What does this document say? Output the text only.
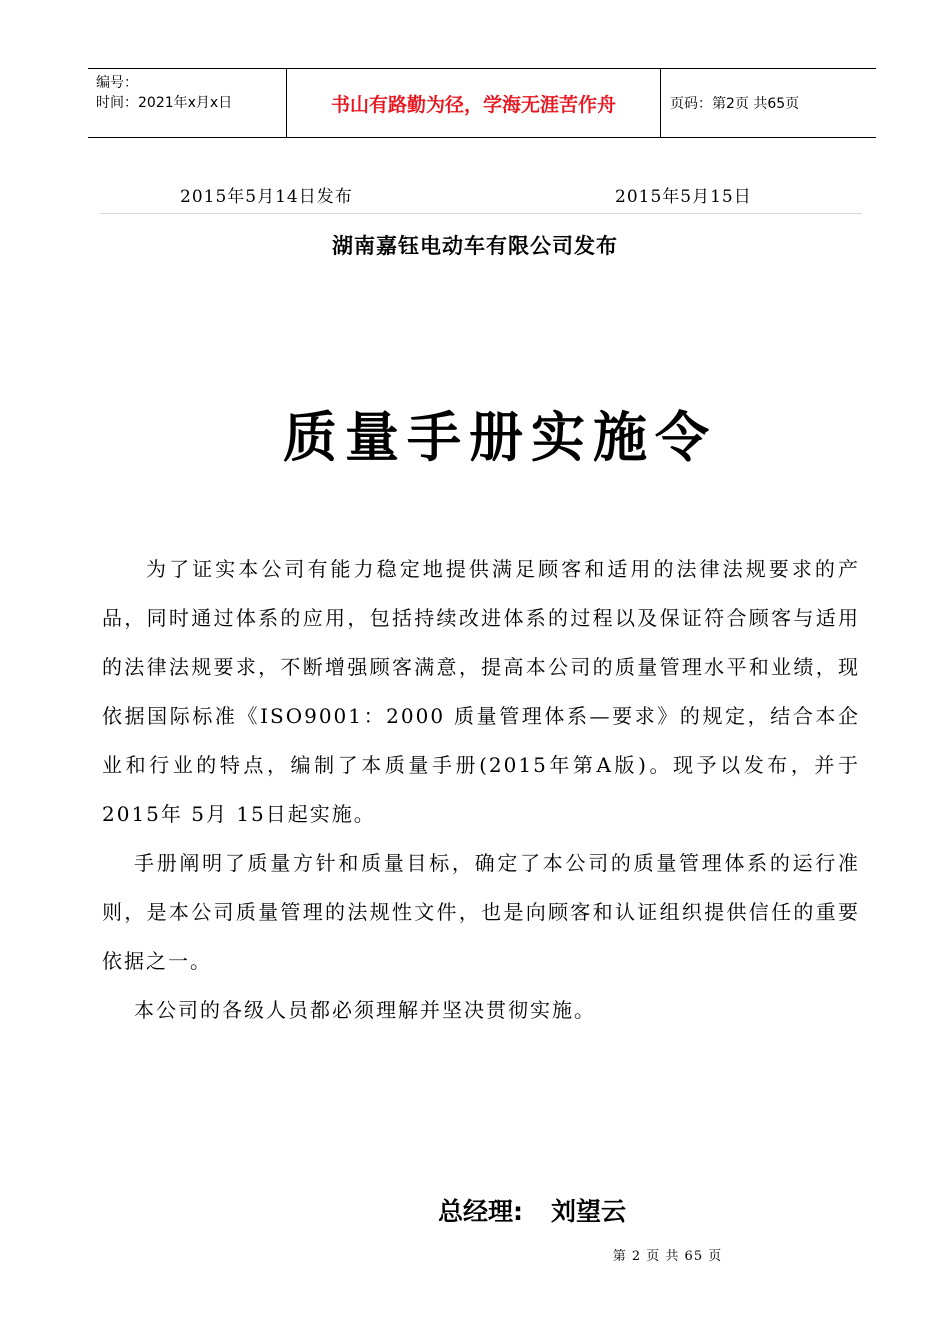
编号：
时间：2021年x月x日	书山有路勤为径，学海无涯苦作舟	页码：第2页 共65页
2015年5月14日发布	2015年5月15日
湖南嘉钰电动车有限公司发布
质量手册实施令

为了证实本公司有能力稳定地提供满足顾客和适用的法律法规要求的产品，同时通过体系的应用，包括持续改进体系的过程以及保证符合顾客与适用的法律法规要求，不断增强顾客满意，提高本公司的质量管理水平和业绩，现依据国际标准《ISO9001：2000 质量管理体系—要求》的规定，结合本企业和行业的特点，编制了本质量手册(2015年第A版)。现予以发布，并于2015年 5月 15日起实施。

手册阐明了质量方针和质量目标，确定了本公司的质量管理体系的运行准则，是本公司质量管理的法规性文件，也是向顾客和认证组织提供信任的重要依据之一。

本公司的各级人员都必须理解并坚决贯彻实施。

总经理: 刘望云
第 2 页 共 65 页
